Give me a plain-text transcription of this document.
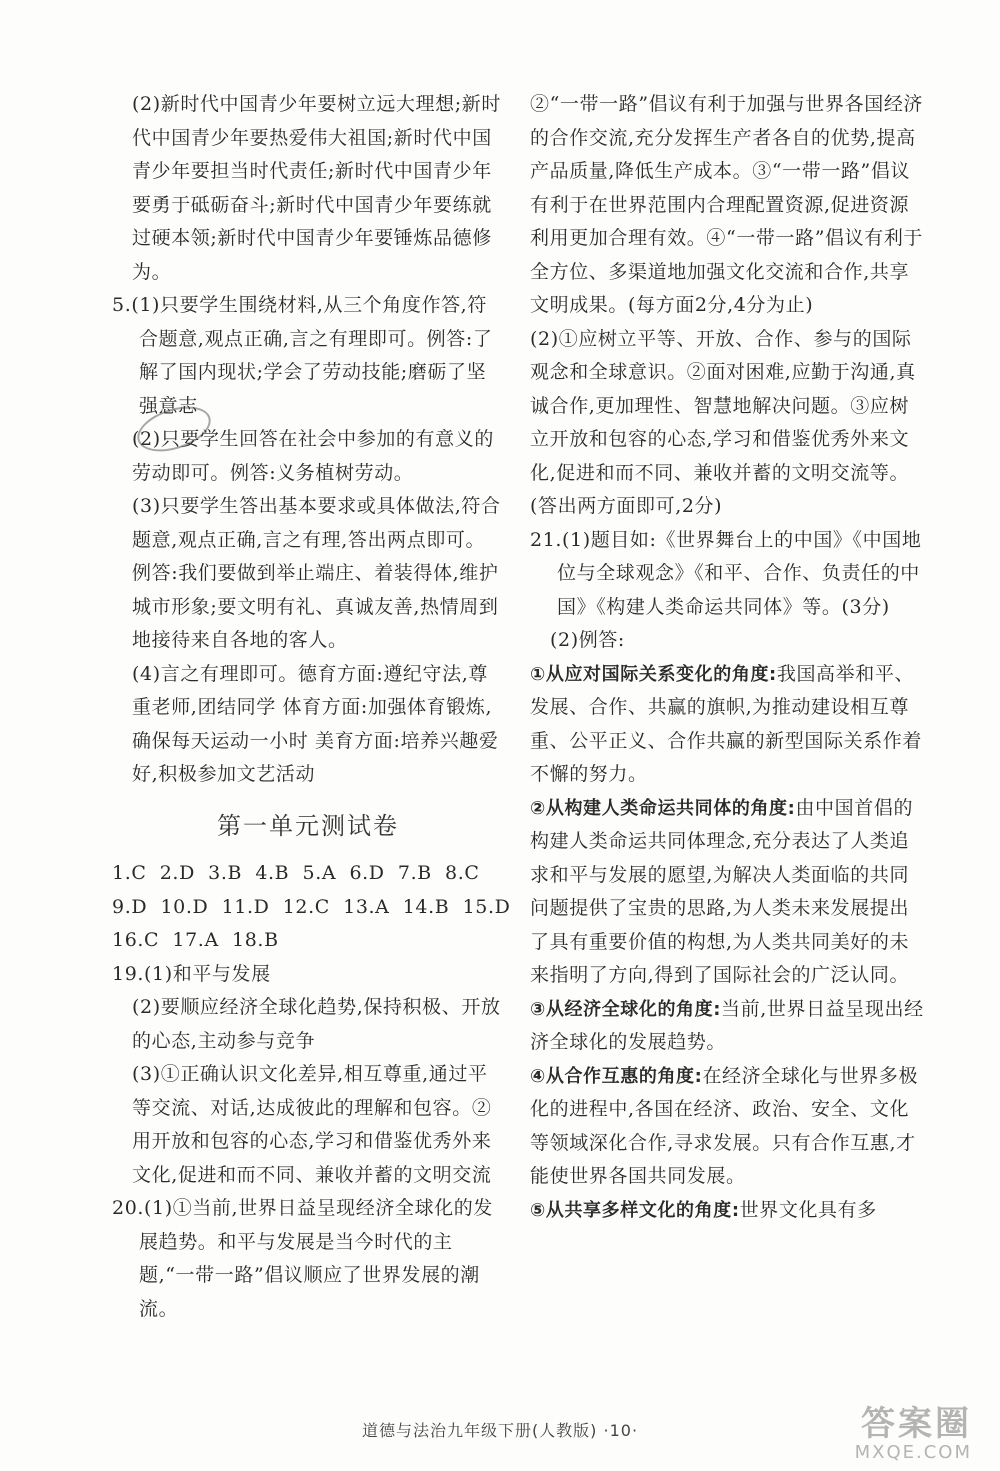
(2)新时代中国青少年要树立远大理想;新时代中国青少年要热爱伟大祖国;新时代中国青少年要担当时代责任;新时代中国青少年要勇于砥砺奋斗;新时代中国青少年要练就过硬本领;新时代中国青少年要锤炼品德修为。

5.(1)只要学生围绕材料,从三个角度作答,符合题意,观点正确,言之有理即可。例答:了解了国内现状;学会了劳动技能;磨砺了坚强意志

(2)只要学生回答在社会中参加的有意义的劳动即可。例答:义务植树劳动。

(3)只要学生答出基本要求或具体做法,符合题意,观点正确,言之有理,答出两点即可。例答:我们要做到举止端庄、着装得体,维护城市形象;要文明有礼、真诚友善,热情周到地接待来自各地的客人。

(4)言之有理即可。德育方面:遵纪守法,尊重老师,团结同学 体育方面:加强体育锻炼,确保每天运动一小时 美育方面:培养兴趣爱好,积极参加文艺活动

第一单元测试卷

1.C  2.D  3.B  4.B  5.A  6.D  7.B  8.C

9.D  10.D  11.D  12.C  13.A  14.B  15.D

16.C  17.A  18.B

19.(1)和平与发展

(2)要顺应经济全球化趋势,保持积极、开放的心态,主动参与竞争

(3)①正确认识文化差异,相互尊重,通过平等交流、对话,达成彼此的理解和包容。②用开放和包容的心态,学习和借鉴优秀外来文化,促进和而不同、兼收并蓄的文明交流

20.(1)①当前,世界日益呈现经济全球化的发展趋势。和平与发展是当今时代的主题,“一带一路”倡议顺应了世界发展的潮流。

②“一带一路”倡议有利于加强与世界各国经济的合作交流,充分发挥生产者各自的优势,提高产品质量,降低生产成本。③“一带一路”倡议有利于在世界范围内合理配置资源,促进资源利用更加合理有效。④“一带一路”倡议有利于全方位、多渠道地加强文化交流和合作,共享文明成果。(每方面2分,4分为止)

(2)①应树立平等、开放、合作、参与的国际观念和全球意识。②面对困难,应勤于沟通,真诚合作,更加理性、智慧地解决问题。③应树立开放和包容的心态,学习和借鉴优秀外来文化,促进和而不同、兼收并蓄的文明交流等。(答出两方面即可,2分)

21.(1)题目如:《世界舞台上的中国》《中国地位与全球观念》《和平、合作、负责任的中国》《构建人类命运共同体》等。(3分)

(2)例答:

①从应对国际关系变化的角度:我国高举和平、发展、合作、共赢的旗帜,为推动建设相互尊重、公平正义、合作共赢的新型国际关系作着不懈的努力。

②从构建人类命运共同体的角度:由中国首倡的构建人类命运共同体理念,充分表达了人类追求和平与发展的愿望,为解决人类面临的共同问题提供了宝贵的思路,为人类未来发展提出了具有重要价值的构想,为人类共同美好的未来指明了方向,得到了国际社会的广泛认同。

③从经济全球化的角度:当前,世界日益呈现出经济全球化的发展趋势。

④从合作互惠的角度:在经济全球化与世界多极化的进程中,各国在经济、政治、安全、文化等领域深化合作,寻求发展。只有合作互惠,才能使世界各国共同发展。

⑤从共享多样文化的角度:世界文化具有多

道德与法治九年级下册(人教版) ·10·	答案圈
MXQE.COM
